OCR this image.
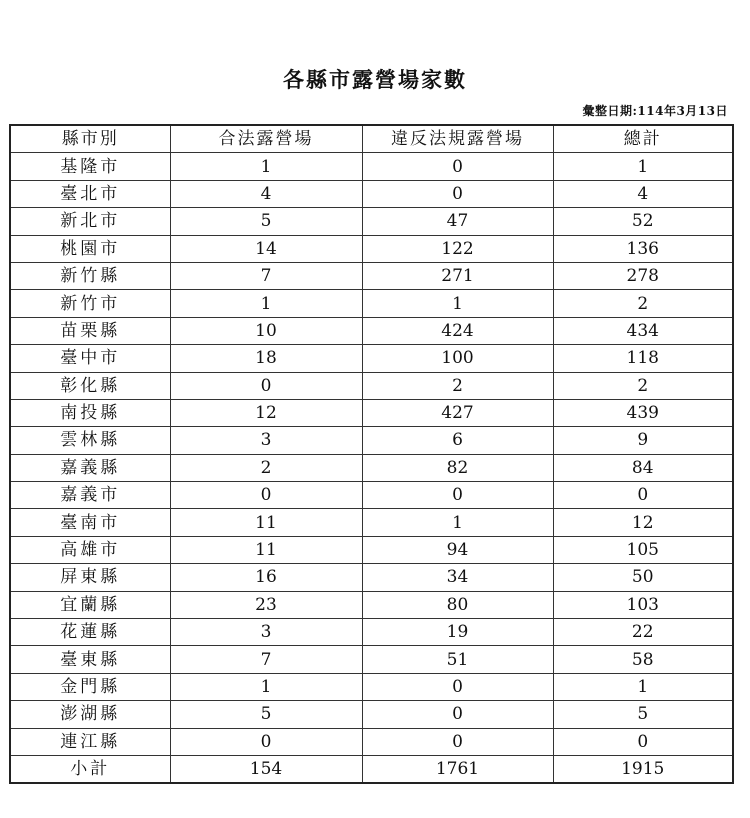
各縣市露營場家數
彙整日期:114年3月13日
縣市別	合法露營場	違反法規露營場	總計
基隆市	1	0	1
臺北市	4	0	4
新北市	5	47	52
桃園市	14	122	136
新竹縣	7	271	278
新竹市	1	1	2
苗栗縣	10	424	434
臺中市	18	100	118
彰化縣	0	2	2
南投縣	12	427	439
雲林縣	3	6	9
嘉義縣	2	82	84
嘉義市	0	0	0
臺南市	11	1	12
高雄市	11	94	105
屏東縣	16	34	50
宜蘭縣	23	80	103
花蓮縣	3	19	22
臺東縣	7	51	58
金門縣	1	0	1
澎湖縣	5	0	5
連江縣	0	0	0
小計	154	1761	1915
